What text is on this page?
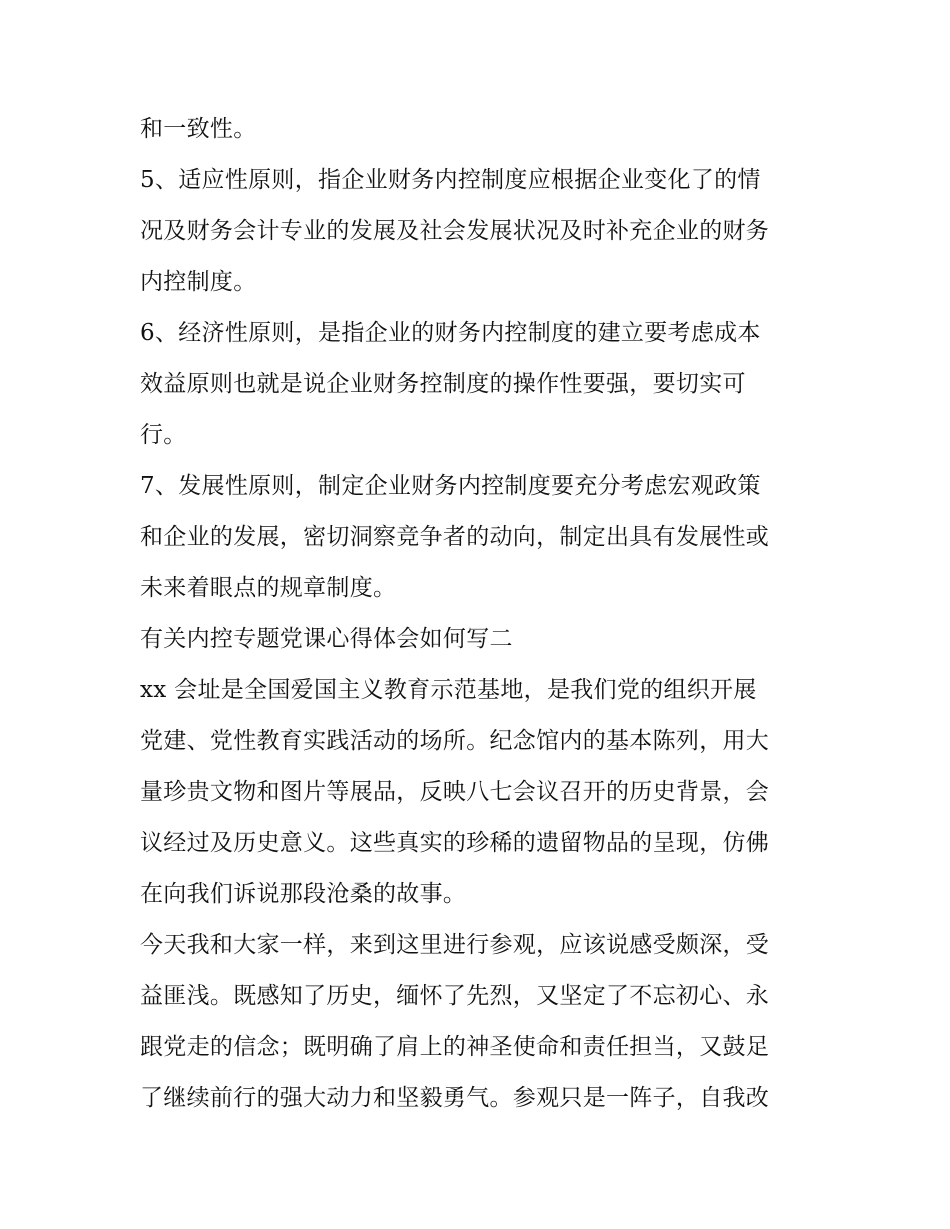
和一致性。
5、适应性原则，指企业财务内控制度应根据企业变化了的情
况及财务会计专业的发展及社会发展状况及时补充企业的财务
内控制度。
6、经济性原则，是指企业的财务内控制度的建立要考虑成本
效益原则也就是说企业财务控制度的操作性要强，要切实可
行。
7、发展性原则，制定企业财务内控制度要充分考虑宏观政策
和企业的发展，密切洞察竞争者的动向，制定出具有发展性或
未来着眼点的规章制度。
有关内控专题党课心得体会如何写二
xx 会址是全国爱国主义教育示范基地，是我们党的组织开展
党建、党性教育实践活动的场所。纪念馆内的基本陈列，用大
量珍贵文物和图片等展品，反映八七会议召开的历史背景，会
议经过及历史意义。这些真实的珍稀的遗留物品的呈现，仿佛
在向我们诉说那段沧桑的故事。
今天我和大家一样，来到这里进行参观，应该说感受颇深，受
益匪浅。既感知了历史，缅怀了先烈，又坚定了不忘初心、永
跟党走的信念；既明确了肩上的神圣使命和责任担当，又鼓足
了继续前行的强大动力和坚毅勇气。参观只是一阵子，自我改
